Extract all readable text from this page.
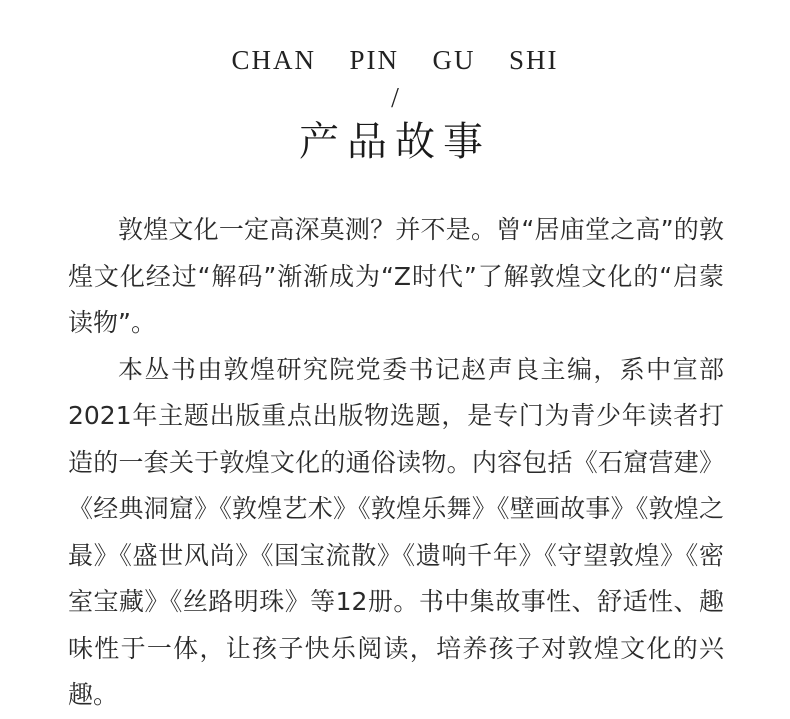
CHAN  PIN  GU  SHI
/
产品故事

敦煌文化一定高深莫测？并不是。曾“居庙堂之高”的敦煌文化经过“解码”渐渐成为“Z时代”了解敦煌文化的“启蒙读物”。

本丛书由敦煌研究院党委书记赵声良主编，系中宣部2021年主题出版重点出版物选题，是专门为青少年读者打造的一套关于敦煌文化的通俗读物。内容包括《石窟营建》《经典洞窟》《敦煌艺术》《敦煌乐舞》《壁画故事》《敦煌之最》《盛世风尚》《国宝流散》《遗响千年》《守望敦煌》《密室宝藏》《丝路明珠》等12册。书中集故事性、舒适性、趣味性于一体，让孩子快乐阅读，培养孩子对敦煌文化的兴趣。
